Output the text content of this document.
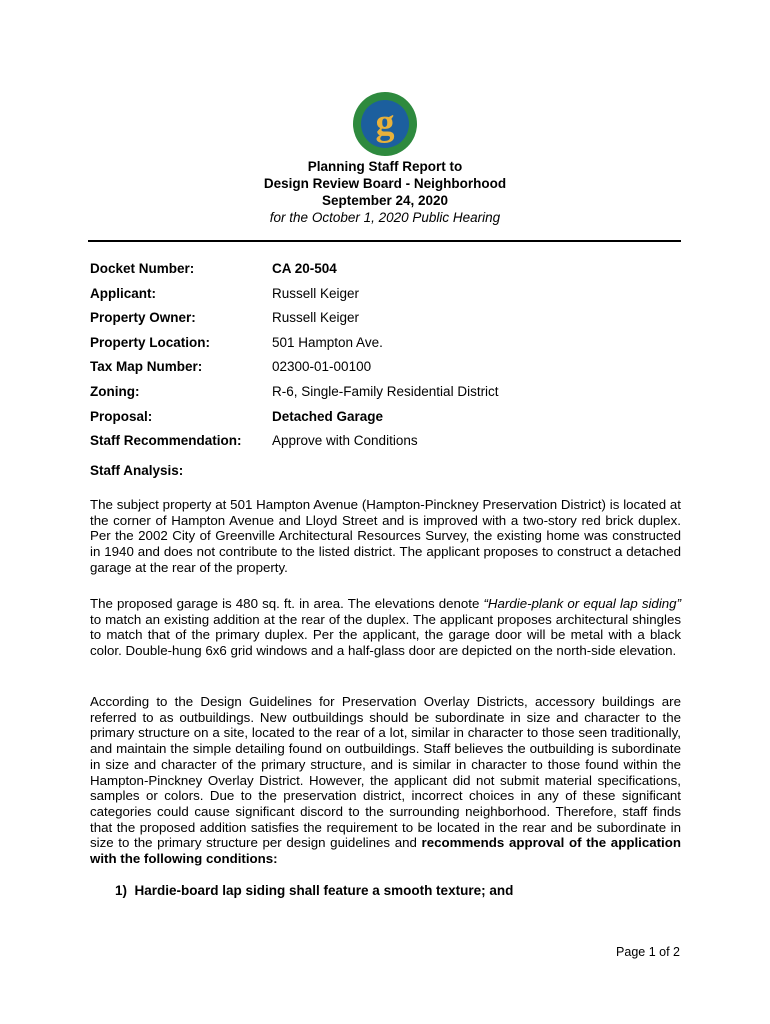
g
Planning Staff Report to
Design Review Board - Neighborhood
September 24, 2020
for the October 1, 2020 Public Hearing
Docket Number:	CA 20-504
Applicant:	Russell Keiger
Property Owner:	Russell Keiger
Property Location:	501 Hampton Ave.
Tax Map Number:	02300-01-00100
Zoning:	R-6, Single-Family Residential District
Proposal:	Detached Garage
Staff Recommendation:	Approve with Conditions
Staff Analysis:
The subject property at 501 Hampton Avenue (Hampton-Pinckney Preservation District) is located at the corner of Hampton Avenue and Lloyd Street and is improved with a two-story red brick duplex. Per the 2002 City of Greenville Architectural Resources Survey, the existing home was constructed in 1940 and does not contribute to the listed district. The applicant proposes to construct a detached garage at the rear of the property.
The proposed garage is 480 sq. ft. in area. The elevations denote “Hardie-plank or equal lap siding” to match an existing addition at the rear of the duplex. The applicant proposes architectural shingles to match that of the primary duplex. Per the applicant, the garage door will be metal with a black color. Double-hung 6x6 grid windows and a half-glass door are depicted on the north-side elevation.
According to the Design Guidelines for Preservation Overlay Districts, accessory buildings are referred to as outbuildings. New outbuildings should be subordinate in size and character to the primary structure on a site, located to the rear of a lot, similar in character to those seen traditionally, and maintain the simple detailing found on outbuildings. Staff believes the outbuilding is subordinate in size and character of the primary structure, and is similar in character to those found within the Hampton-Pinckney Overlay District. However, the applicant did not submit material specifications, samples or colors. Due to the preservation district, incorrect choices in any of these significant categories could cause significant discord to the surrounding neighborhood. Therefore, staff finds that the proposed addition satisfies the requirement to be located in the rear and be subordinate in size to the primary structure per design guidelines and recommends approval of the application with the following conditions:
1)  Hardie-board lap siding shall feature a smooth texture; and
Page 1 of 2
